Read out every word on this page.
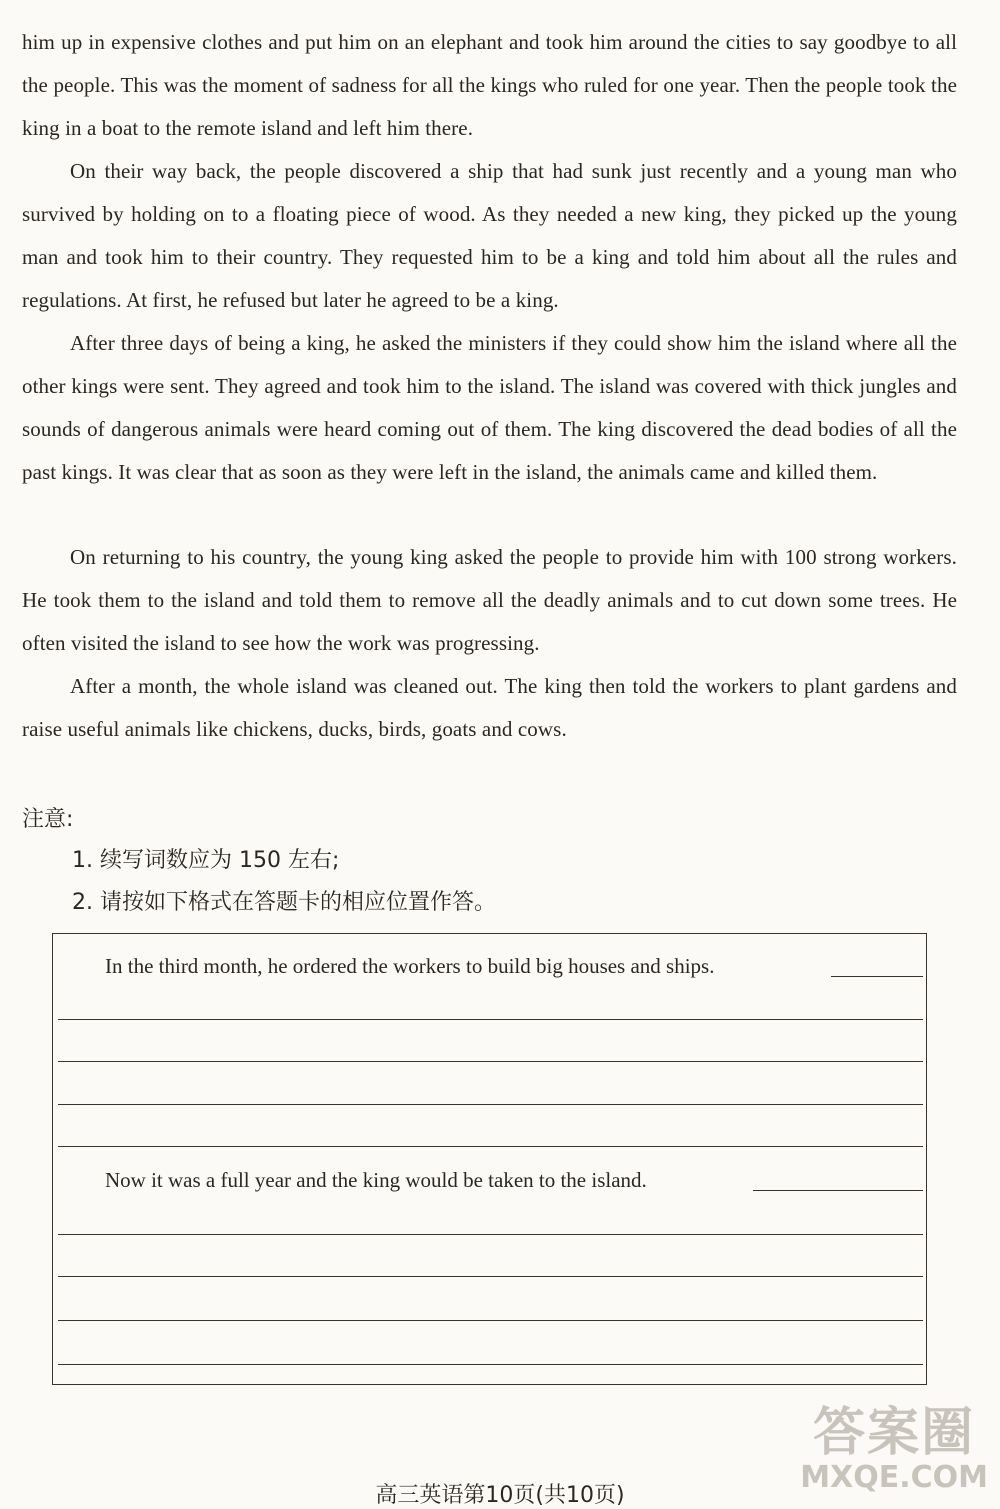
him up in expensive clothes and put him on an elephant and took him around the cities to say goodbye to all the people. This was the moment of sadness for all the kings who ruled for one year. Then the people took the king in a boat to the remote island and left him there.

On their way back, the people discovered a ship that had sunk just recently and a young man who survived by holding on to a floating piece of wood. As they needed a new king, they picked up the young man and took him to their country. They requested him to be a king and told him about all the rules and regulations. At first, he refused but later he agreed to be a king.

After three days of being a king, he asked the ministers if they could show him the island where all the other kings were sent. They agreed and took him to the island. The island was covered with thick jungles and sounds of dangerous animals were heard coming out of them. The king discovered the dead bodies of all the past kings. It was clear that as soon as they were left in the island, the animals came and killed them.

On returning to his country, the young king asked the people to provide him with 100 strong workers. He took them to the island and told them to remove all the deadly animals and to cut down some trees. He often visited the island to see how the work was progressing.

After a month, the whole island was cleaned out. The king then told the workers to plant gardens and raise useful animals like chickens, ducks, birds, goats and cows.

注意:
1. 续写词数应为 150 左右;
2. 请按如下格式在答题卡的相应位置作答。
In the third month, he ordered the workers to build big houses and ships.
Now it was a full year and the king would be taken to the island.
答案圈
MXQE.COM
高三英语第10页(共10页)
